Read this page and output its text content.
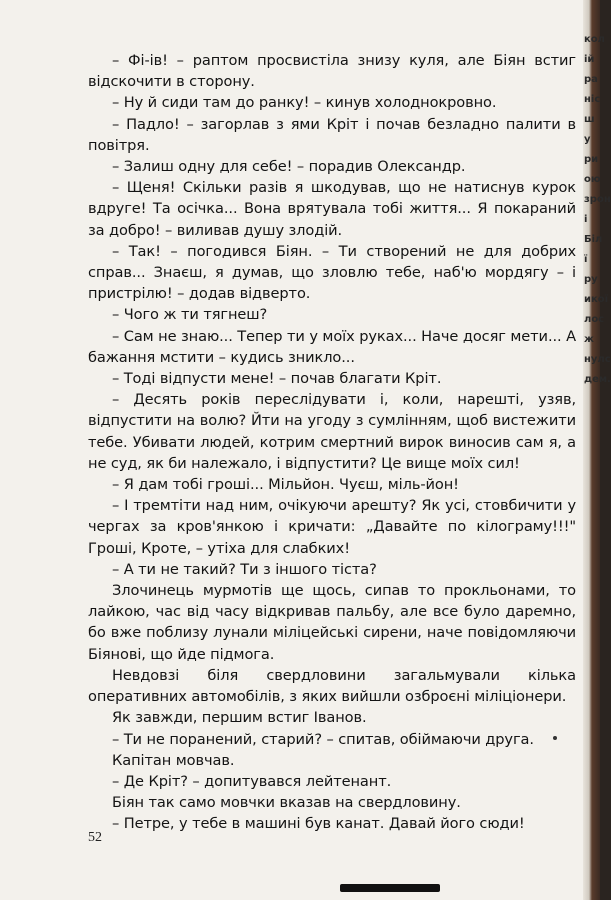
– Фі-ів! – раптом просвистіла знизу куля, але Біян встиг відскочити в сторону.

– Ну й сиди там до ранку! – кинув холоднокровно.

– Падло! – загорлав з ями Кріт і почав безладно палити в повітря.

– Залиш одну для себе! – порадив Олександр.

– Щеня! Скільки разів я шкодував, що не натиснув курок вдруге! Та осічка... Вона врятувала тобі життя... Я покараний за добро! – виливав душу злодій.

– Так! – погодився Біян. – Ти створений не для добрих справ... Знаєш, я думав, що зловлю тебе, наб'ю мордягу – і пристрілю! – додав відверто.

– Чого ж ти тягнеш?

– Сам не знаю... Тепер ти у моїх руках... Наче досяг мети... А бажання мстити – кудись зникло...

– Тоді відпусти мене! – почав благати Кріт.

– Десять років переслідувати і, коли, нарешті, узяв, відпустити на волю? Йти на угоду з сумлінням, щоб вистежити тебе. Убивати людей, котрим смертний вирок виносив сам я, а не суд, як би належало, і відпустити? Це вище моїх сил!

– Я дам тобі гроші... Мільйон. Чуєш, міль-йон!

– І тремтіти над ним, очікуючи арешту? Як усі, стовбичити у чергах за кров'янкою і кричати: „Давайте по кілограму!!!" Гроші, Кроте, – утіха для слабких!

– А ти не такий? Ти з іншого тіста?

Злочинець мурмотів ще щось, сипав то прокльонами, то лайкою, час від часу відкривав пальбу, але все було даремно, бо вже поблизу лунали міліцейські сирени, наче повідомляючи Біянові, що йде підмога.

Невдовзі біля свердловини загальмували кілька оперативних автомобілів, з яких вийшли озброєні міліціонери.

Як завжди, першим встиг Іванов.

– Ти не поранений, старий? – спитав, обіймаючи друга.

Капітан мовчав.

– Де Кріт? – допитувався лейтенант.

Біян так само мовчки вказав на свердловину.

– Петре, у тебе в машині був канат. Давай його сюди!

52
кол
ій
ра
ніс
ш
у
ри
ою
зрон
і
Біл
ї
ру
икої
лос
ж
нулс
дем.
